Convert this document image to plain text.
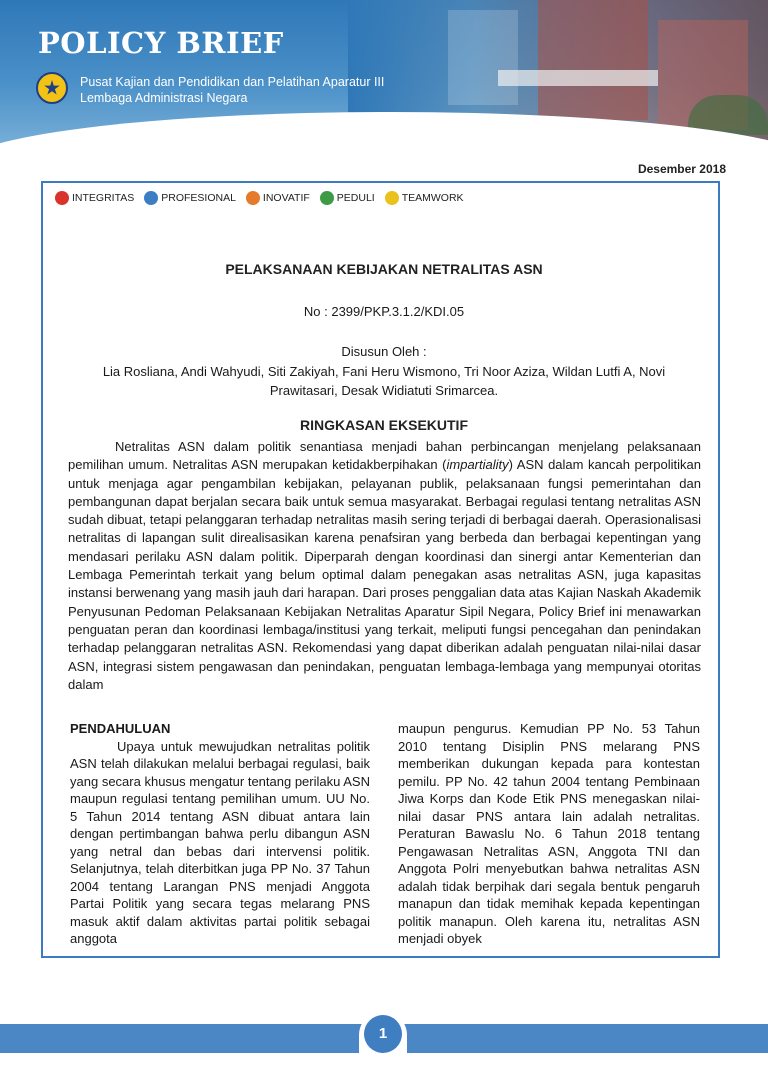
POLICY BRIEF
Pusat Kajian dan Pendidikan dan Pelatihan Aparatur III
Lembaga Administrasi Negara
Desember 2018
INTEGRITAS	PROFESIONAL	INOVATIF	PEDULI	TEAMWORK
PELAKSANAAN KEBIJAKAN NETRALITAS ASN
No : 2399/PKP.3.1.2/KDI.05
Disusun Oleh :
Lia Rosliana, Andi Wahyudi, Siti Zakiyah, Fani Heru Wismono, Tri Noor Aziza, Wildan Lutfi A, Novi Prawitasari, Desak Widiatuti Srimarcea.
RINGKASAN EKSEKUTIF

Netralitas ASN dalam politik senantiasa menjadi bahan perbincangan menjelang pelaksanaan pemilihan umum. Netralitas ASN merupakan ketidakberpihakan (impartiality) ASN dalam kancah perpolitikan untuk menjaga agar pengambilan kebijakan, pelayanan publik, pelaksanaan fungsi pemerintahan dan pembangunan dapat berjalan secara baik untuk semua masyarakat. Berbagai regulasi tentang netralitas ASN sudah dibuat, tetapi pelanggaran terhadap netralitas masih sering terjadi di berbagai daerah. Operasionalisasi netralitas di lapangan sulit direalisasikan karena penafsiran yang berbeda dan berbagai kepentingan yang mendasari perilaku ASN dalam politik. Diperparah dengan koordinasi dan sinergi antar Kementerian dan Lembaga Pemerintah terkait yang belum optimal dalam penegakan asas netralitas ASN, juga kapasitas instansi berwenang yang masih jauh dari harapan. Dari proses penggalian data atas Kajian Naskah Akademik Penyusunan Pedoman Pelaksanaan Kebijakan Netralitas Aparatur Sipil Negara, Policy Brief ini menawarkan penguatan peran dan koordinasi lembaga/institusi yang terkait, meliputi fungsi pencegahan dan penindakan terhadap pelanggaran netralitas ASN. Rekomendasi yang dapat diberikan adalah penguatan nilai-nilai dasar ASN, integrasi sistem pengawasan dan penindakan, penguatan lembaga-lembaga yang mempunyai otoritas dalam

PENDAHULUAN

Upaya untuk mewujudkan netralitas politik ASN telah dilakukan melalui berbagai regulasi, baik yang secara khusus mengatur tentang perilaku ASN maupun regulasi tentang pemilihan umum. UU No. 5 Tahun 2014 tentang ASN dibuat antara lain dengan pertimbangan bahwa perlu dibangun ASN yang netral dan bebas dari intervensi politik. Selanjutnya, telah diterbitkan juga PP No. 37 Tahun 2004 tentang Larangan PNS menjadi Anggota Partai Politik yang secara tegas melarang PNS masuk aktif dalam aktivitas partai politik sebagai anggota

maupun pengurus. Kemudian PP No. 53 Tahun 2010 tentang Disiplin PNS melarang PNS memberikan dukungan kepada para kontestan pemilu. PP No. 42 tahun 2004 tentang Pembinaan Jiwa Korps dan Kode Etik PNS menegaskan nilai-nilai dasar PNS antara lain adalah netralitas. Peraturan Bawaslu No. 6 Tahun 2018 tentang Pengawasan Netralitas ASN, Anggota TNI dan Anggota Polri menyebutkan bahwa netralitas ASN adalah tidak berpihak dari segala bentuk pengaruh manapun dan tidak memihak kepada kepentingan politik manapun. Oleh karena itu, netralitas ASN menjadi obyek
1
